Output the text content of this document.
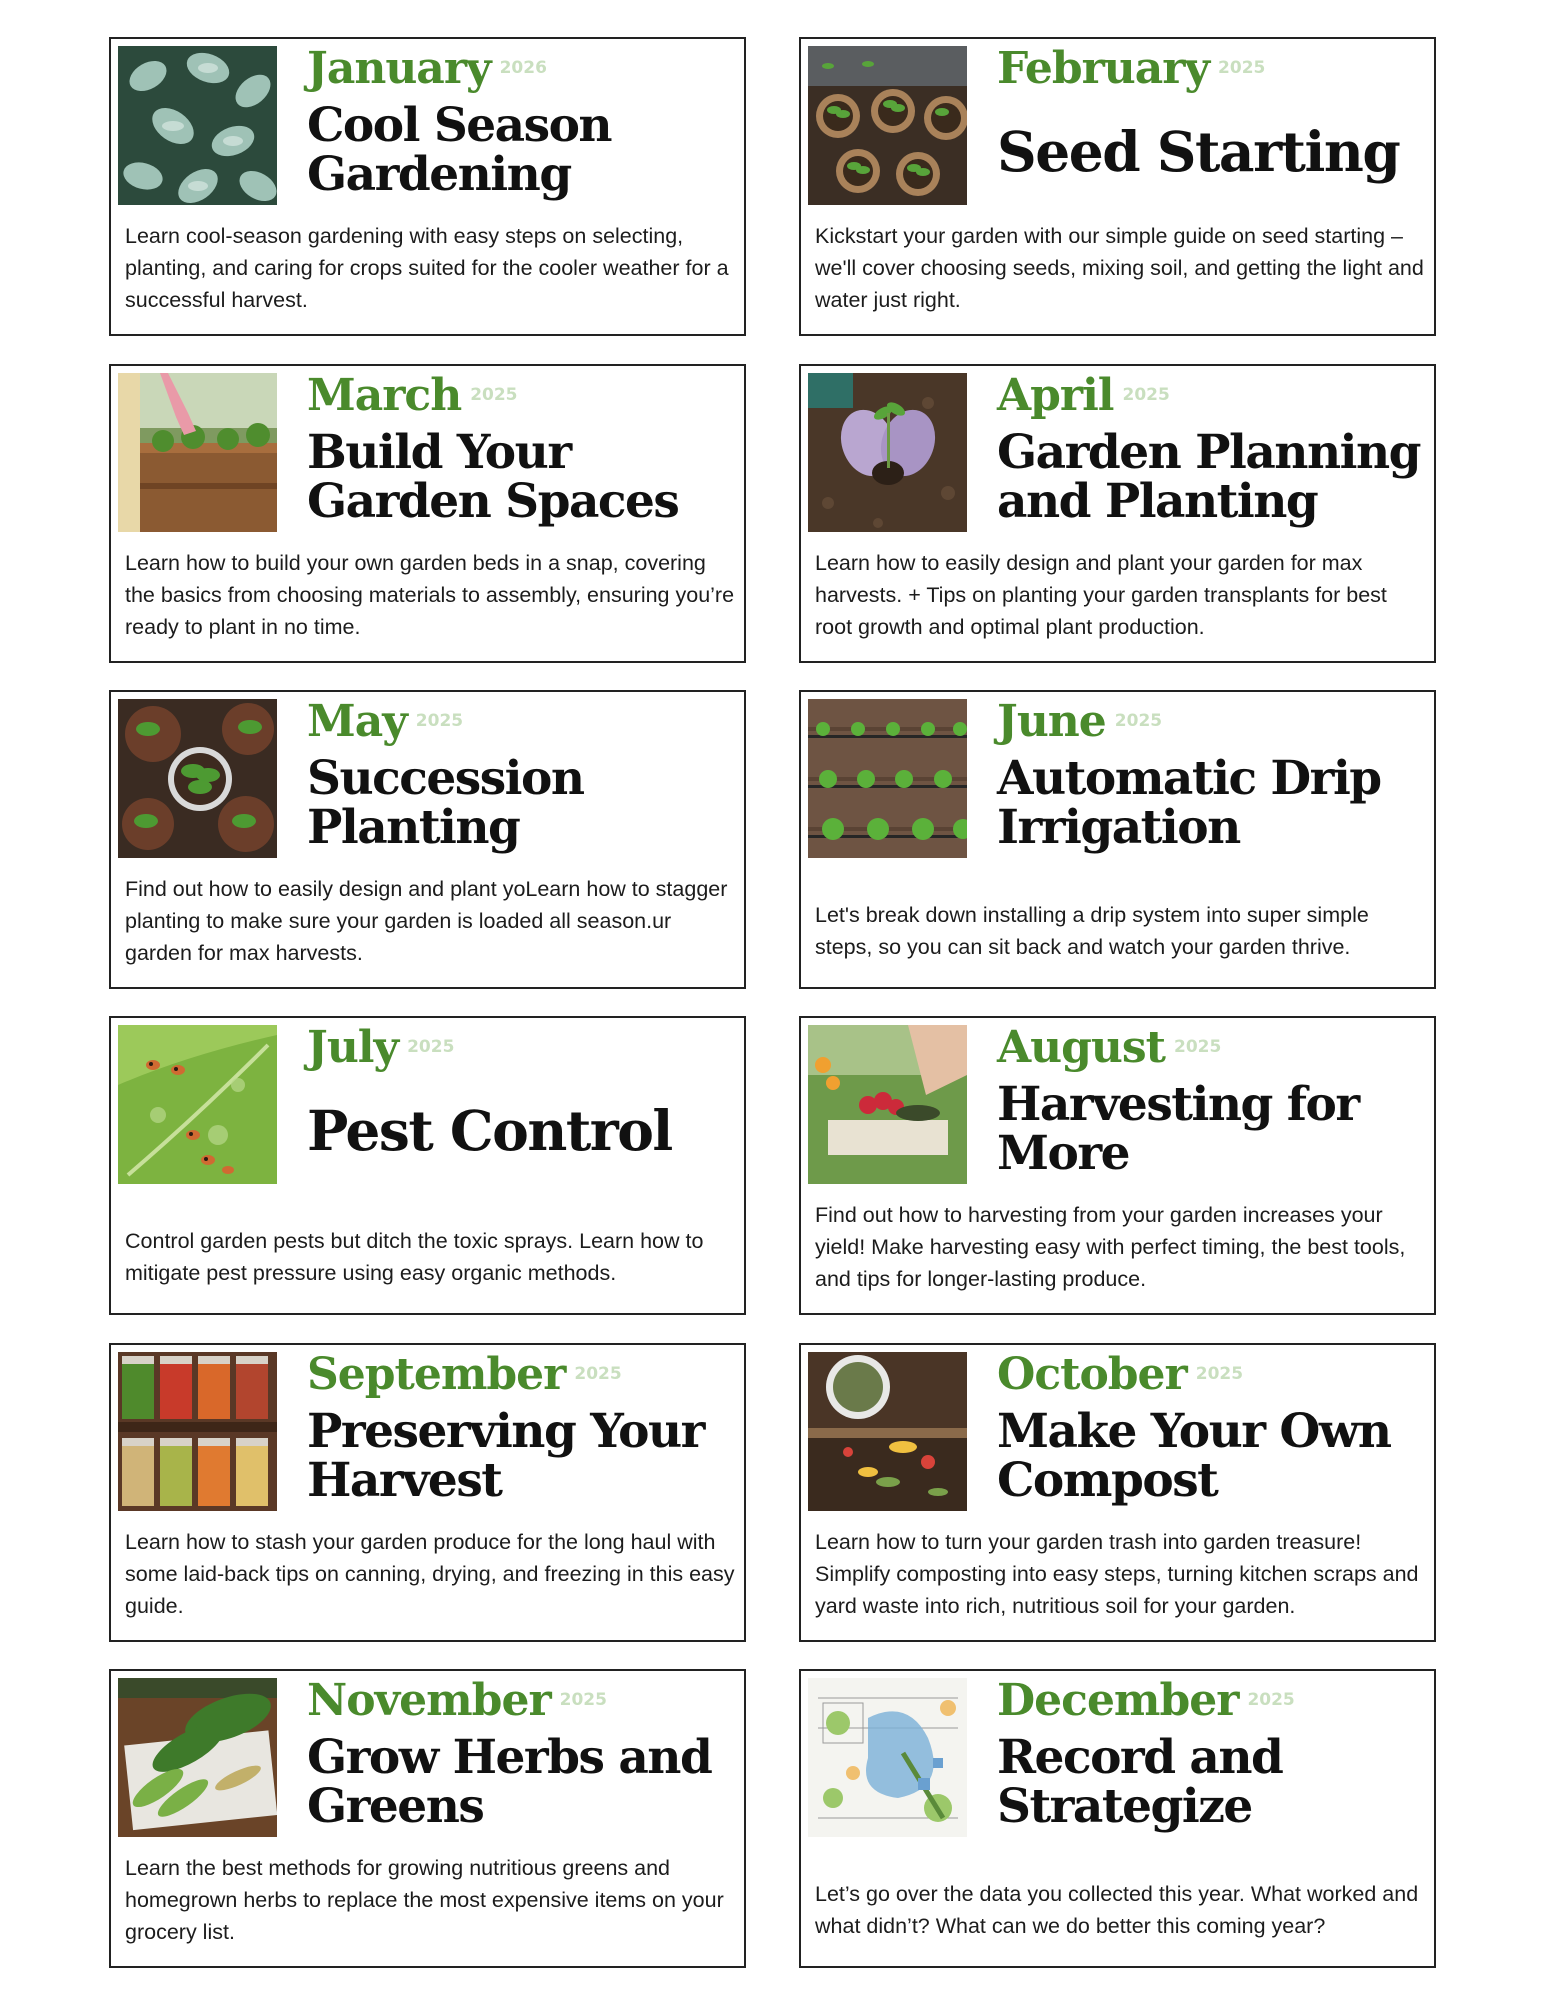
January 2026
Cool Season
Gardening
Learn cool-season gardening with easy steps on selecting, planting, and caring for crops suited for the cooler weather for a successful harvest.
February 2025
Seed Starting
Kickstart your garden with our simple guide on seed starting – we'll cover choosing seeds, mixing soil, and getting the light and water just right.
March 2025
Build Your
Garden Spaces
Learn how to build your own garden beds in a snap, covering the basics from choosing materials to assembly, ensuring you’re ready to plant in no time.
April 2025
Garden Planning
and Planting
Learn how to easily design and plant your garden for max harvests. + Tips on planting your garden transplants for best root growth and optimal plant production.
May 2025
Succession
Planting
Find out how to easily design and plant yoLearn how to stagger planting to make sure your garden is loaded all season.ur garden for max harvests.
June 2025
Automatic Drip
Irrigation
Let's break down installing a drip system into super simple steps, so you can sit back and watch your garden thrive.
July 2025
Pest Control
Control garden pests but ditch the toxic sprays. Learn how to mitigate pest pressure using easy organic methods.
August 2025
Harvesting for
More
Find out how to harvesting from your garden increases your yield! Make harvesting easy with perfect timing, the best tools, and tips for longer-lasting produce.
September 2025
Preserving Your
Harvest
Learn how to stash your garden produce for the long haul with some laid-back tips on canning, drying, and freezing in this easy guide.
October 2025
Make Your Own
Compost
Learn how to turn your garden trash into garden treasure! Simplify composting into easy steps, turning kitchen scraps and yard waste into rich, nutritious soil for your garden.
November 2025
Grow Herbs and
Greens
Learn the best methods for growing nutritious greens and homegrown herbs to replace the most expensive items on your grocery list.
December 2025
Record and
Strategize
Let’s go over the data you collected this year. What worked and what didn’t? What can we do better this coming year?
